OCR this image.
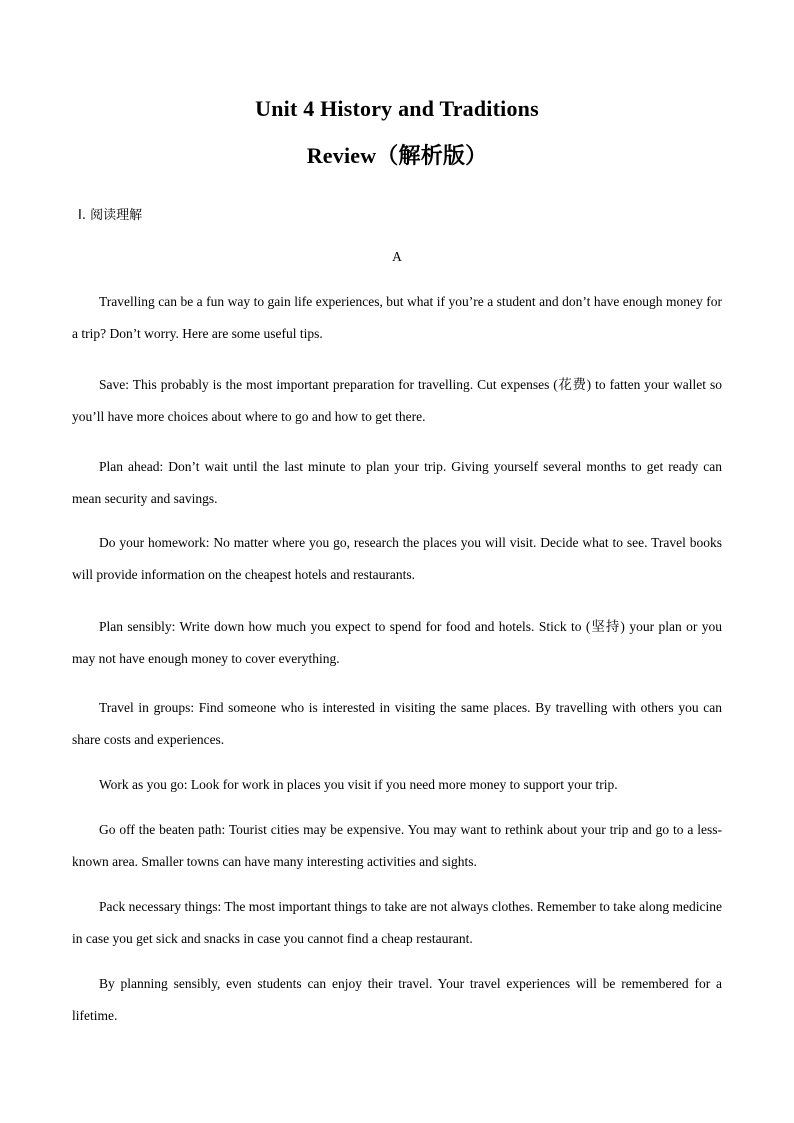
Unit 4 History and Traditions
Review（解析版）
Ⅰ. 阅读理解
A

Travelling can be a fun way to gain life experiences, but what if you’re a student and don’t have enough money for a trip? Don’t worry. Here are some useful tips.

Save: This probably is the most important preparation for travelling. Cut expenses (花费) to fatten your wallet so you’ll have more choices about where to go and how to get there.

Plan ahead: Don’t wait until the last minute to plan your trip. Giving yourself several months to get ready can mean security and savings.

Do your homework: No matter where you go, research the places you will visit. Decide what to see. Travel books will provide information on the cheapest hotels and restaurants.

Plan sensibly: Write down how much you expect to spend for food and hotels. Stick to (坚持) your plan or you may not have enough money to cover everything.

Travel in groups: Find someone who is interested in visiting the same places. By travelling with others you can share costs and experiences.

Work as you go: Look for work in places you visit if you need more money to support your trip.

Go off the beaten path: Tourist cities may be expensive. You may want to rethink about your trip and go to a less-known area. Smaller towns can have many interesting activities and sights.

Pack necessary things: The most important things to take are not always clothes. Remember to take along medicine in case you get sick and snacks in case you cannot find a cheap restaurant.

By planning sensibly, even students can enjoy their travel. Your travel experiences will be remembered for a lifetime.
